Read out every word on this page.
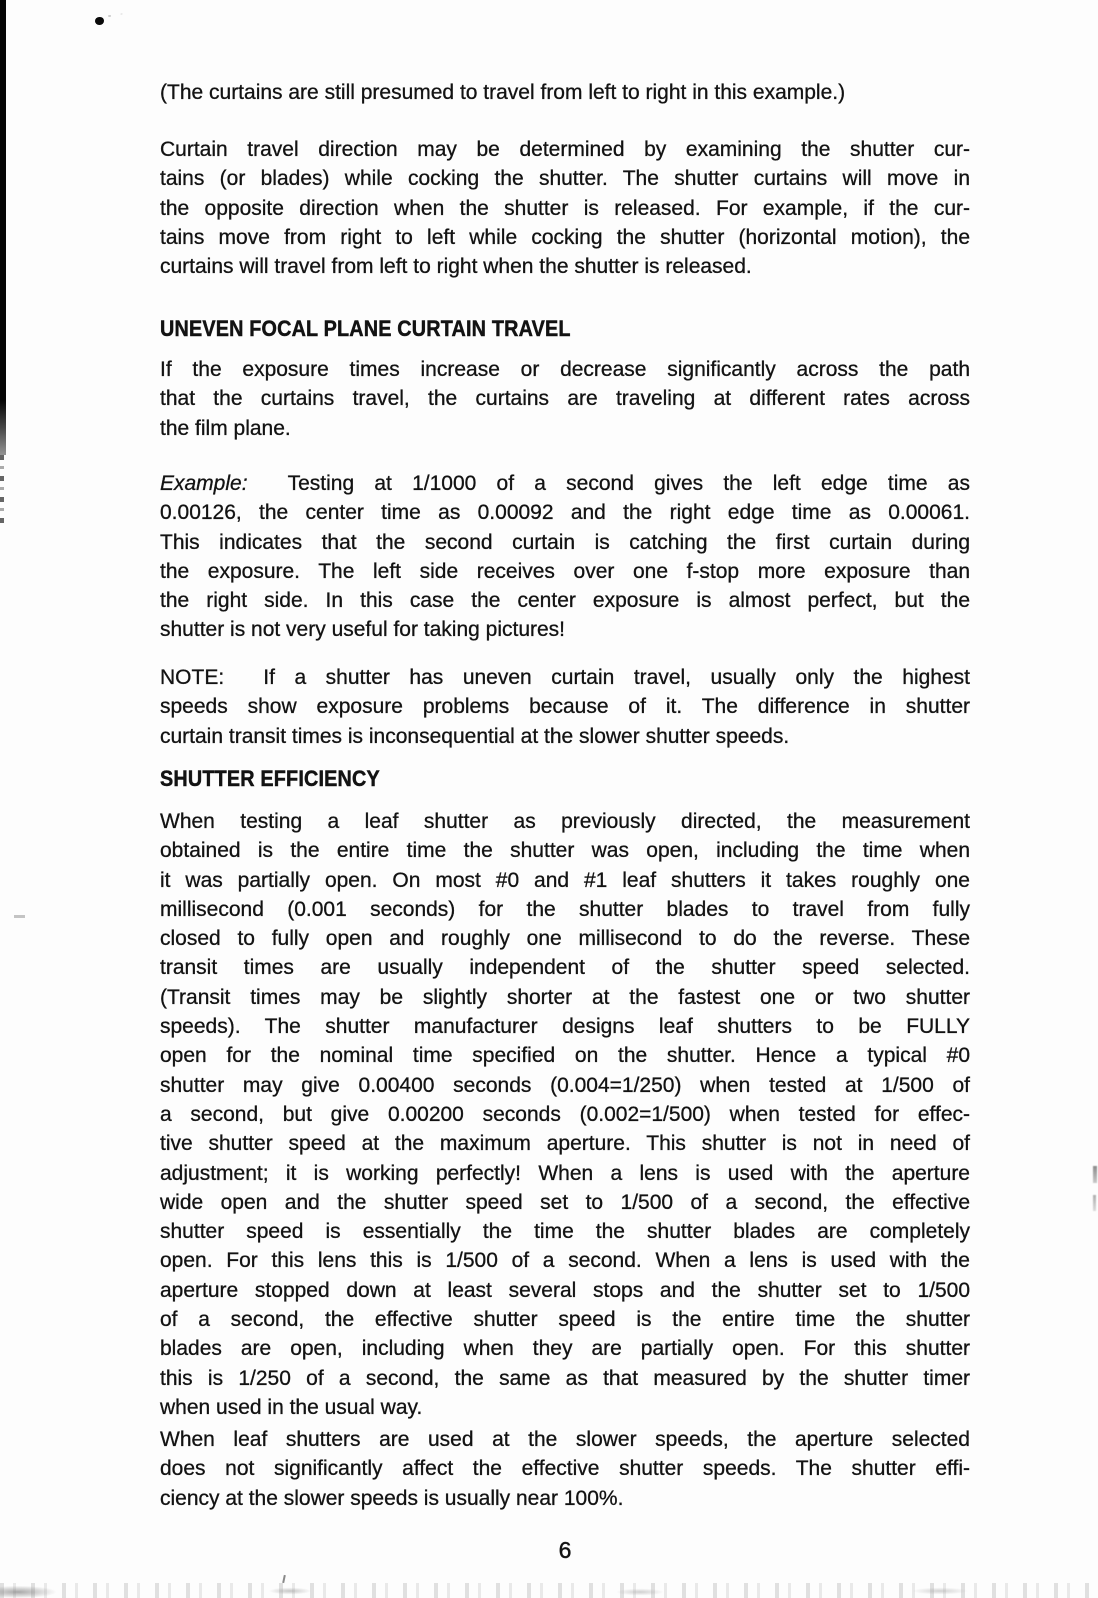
(The curtains are still presumed to travel from left to right in this example.)
Curtain travel direction may be determined by examining the shutter cur-
tains (or blades) while cocking the shutter. The shutter curtains will move in
the opposite direction when the shutter is released. For example, if the cur-
tains move from right to left while cocking the shutter (horizontal motion), the
curtains will travel from left to right when the shutter is released.
UNEVEN FOCAL PLANE CURTAIN TRAVEL
If the exposure times increase or decrease significantly across the path
that the curtains travel, the curtains are traveling at different rates across
the film plane.
Example:  Testing at 1/1000 of a second gives the left edge time as
0.00126, the center time as 0.00092 and the right edge time as 0.00061.
This indicates that the second curtain is catching the first curtain during
the exposure. The left side receives over one f-stop more exposure than
the right side. In this case the center exposure is almost perfect, but the
shutter is not very useful for taking pictures!
NOTE:  If a shutter has uneven curtain travel, usually only the highest
speeds show exposure problems because of it. The difference in shutter
curtain transit times is inconsequential at the slower shutter speeds.
SHUTTER EFFICIENCY
When testing a leaf shutter as previously directed, the measurement
obtained is the entire time the shutter was open, including the time when
it was partially open. On most #0 and #1 leaf shutters it takes roughly one
millisecond (0.001 seconds) for the shutter blades to travel from fully
closed to fully open and roughly one millisecond to do the reverse. These
transit times are usually independent of the shutter speed selected.
(Transit times may be slightly shorter at the fastest one or two shutter
speeds). The shutter manufacturer designs leaf shutters to be FULLY
open for the nominal time specified on the shutter. Hence a typical #0
shutter may give 0.00400 seconds (0.004=1/250) when tested at 1/500 of
a second, but give 0.00200 seconds (0.002=1/500) when tested for effec-
tive shutter speed at the maximum aperture. This shutter is not in need of
adjustment; it is working perfectly! When a lens is used with the aperture
wide open and the shutter speed set to 1/500 of a second, the effective
shutter speed is essentially the time the shutter blades are completely
open. For this lens this is 1/500 of a second. When a lens is used with the
aperture stopped down at least several stops and the shutter set to 1/500
of a second, the effective shutter speed is the entire time the shutter
blades are open, including when they are partially open. For this shutter
this is 1/250 of a second, the same as that measured by the shutter timer
when used in the usual way.
When leaf shutters are used at the slower speeds, the aperture selected
does not significantly affect the effective shutter speeds. The shutter effi-
ciency at the slower speeds is usually near 100%.
6
